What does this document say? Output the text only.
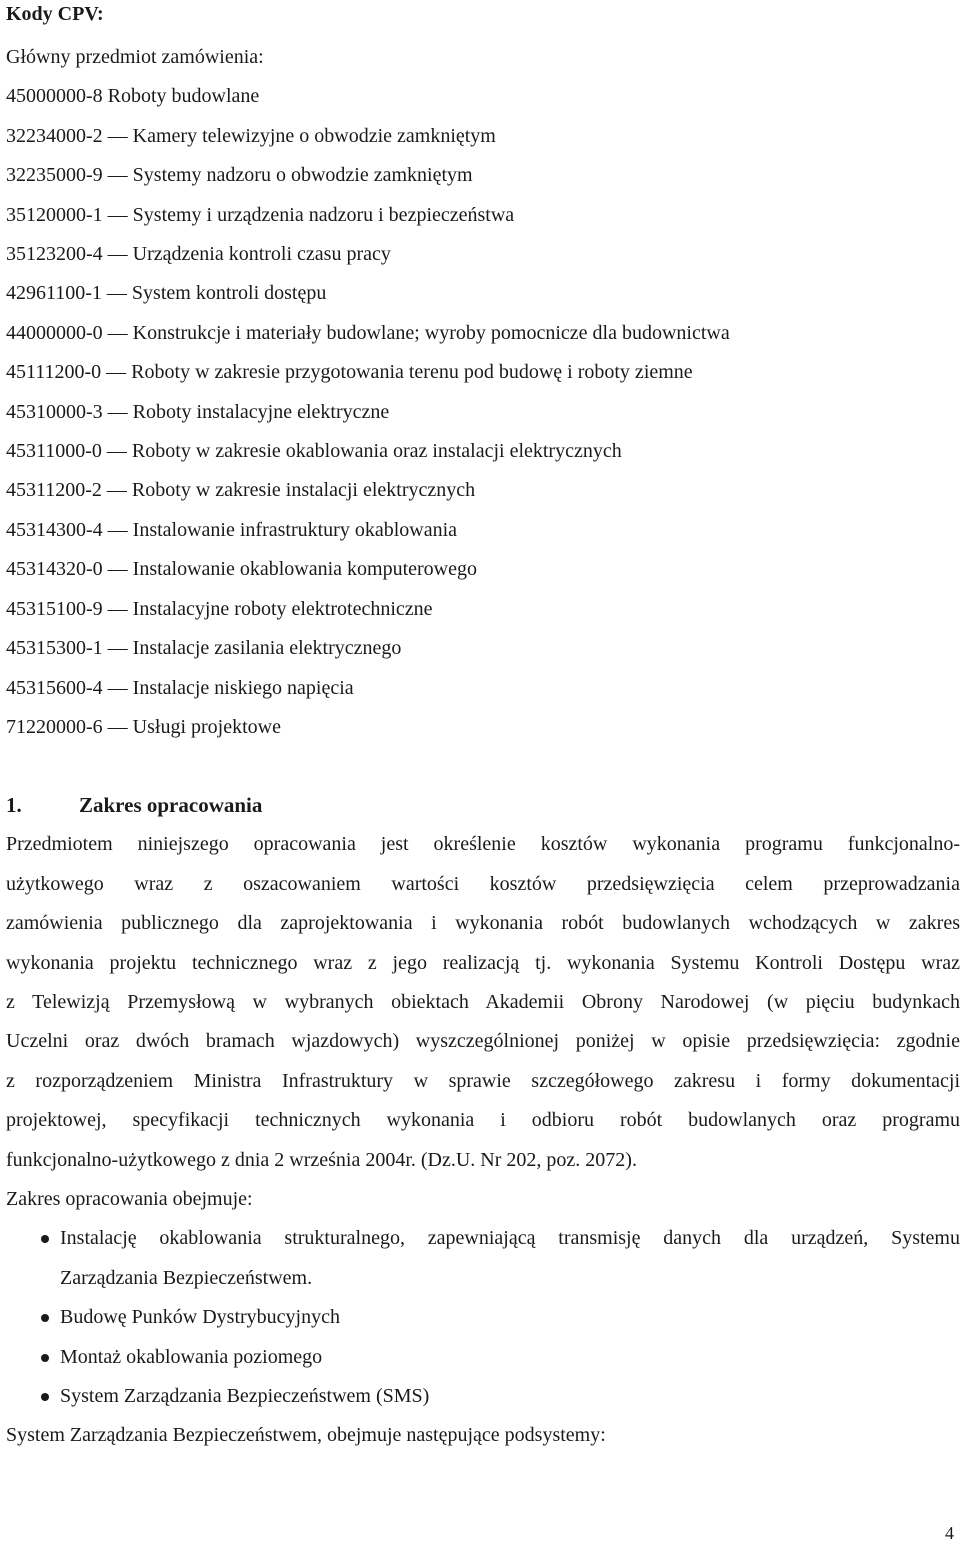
Kody CPV:
Główny przedmiot zamówienia:
45000000-8 Roboty budowlane
32234000-2 — Kamery telewizyjne o obwodzie zamkniętym
32235000-9 — Systemy nadzoru o obwodzie zamkniętym
35120000-1 — Systemy i urządzenia nadzoru i bezpieczeństwa
35123200-4 — Urządzenia kontroli czasu pracy
42961100-1 — System kontroli dostępu
44000000-0 — Konstrukcje i materiały budowlane; wyroby pomocnicze dla budownictwa
45111200-0 — Roboty w zakresie przygotowania terenu pod budowę i roboty ziemne
45310000-3 — Roboty instalacyjne elektryczne
45311000-0 — Roboty w zakresie okablowania oraz instalacji elektrycznych
45311200-2 — Roboty w zakresie instalacji elektrycznych
45314300-4 — Instalowanie infrastruktury okablowania
45314320-0 — Instalowanie okablowania komputerowego
45315100-9 — Instalacyjne roboty elektrotechniczne
45315300-1 — Instalacje zasilania elektrycznego
45315600-4 — Instalacje niskiego napięcia
71220000-6 — Usługi projektowe
1.	Zakres opracowania
Przedmiotem niniejszego opracowania jest określenie kosztów wykonania programu funkcjonalno-
użytkowego wraz z oszacowaniem wartości kosztów przedsięwzięcia celem przeprowadzania
zamówienia publicznego dla zaprojektowania i wykonania robót budowlanych wchodzących w zakres
wykonania projektu technicznego wraz z jego realizacją tj. wykonania Systemu Kontroli Dostępu wraz
z Telewizją Przemysłową w wybranych obiektach Akademii Obrony Narodowej (w pięciu budynkach
Uczelni oraz dwóch bramach wjazdowych) wyszczególnionej poniżej w opisie przedsięwzięcia: zgodnie
z rozporządzeniem Ministra Infrastruktury w sprawie szczegółowego zakresu i formy dokumentacji
projektowej, specyfikacji technicznych wykonania i odbioru robót budowlanych oraz programu
funkcjonalno-użytkowego z dnia 2 września 2004r. (Dz.U. Nr 202, poz. 2072).
Zakres opracowania obejmuje:
Instalację okablowania strukturalnego, zapewniającą transmisję danych dla urządzeń, Systemu
Zarządzania Bezpieczeństwem.
Budowę Punków Dystrybucyjnych
Montaż okablowania poziomego
System Zarządzania Bezpieczeństwem (SMS)
System Zarządzania Bezpieczeństwem, obejmuje następujące podsystemy:
4
